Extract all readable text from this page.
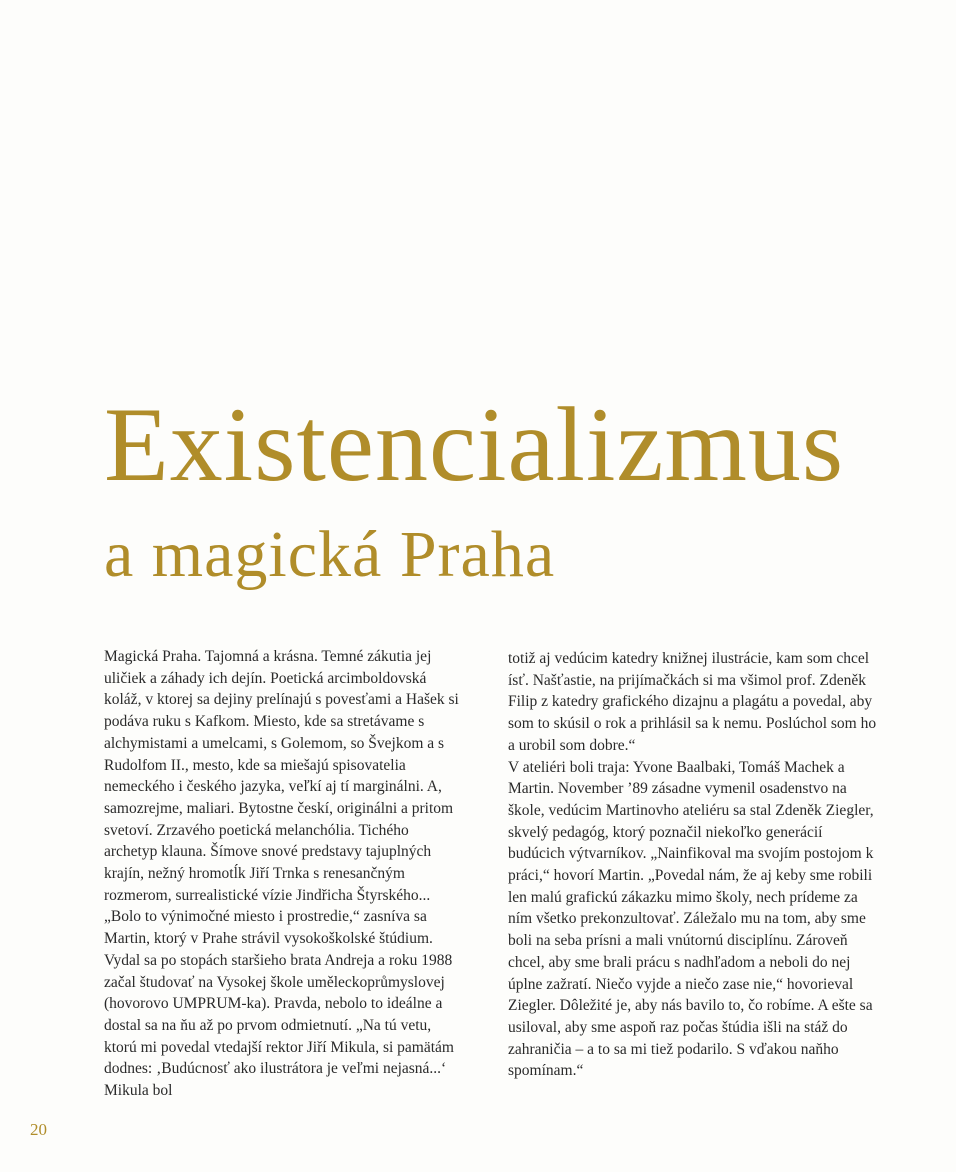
Existencializmus
a magická Praha

Magická Praha. Tajomná a krásna. Temné zákutia jej uličiek a záhady ich dejín. Poetická arcimboldovská koláž, v ktorej sa dejiny prelínajú s povesťami a Hašek si podáva ruku s Kafkom. Miesto, kde sa stretávame s alchymistami a umelcami, s Golemom, so Švejkom a s Rudolfom II., mesto, kde sa miešajú spisovatelia nemeckého i českého jazyka, veľkí aj tí marginálni. A, samozrejme, maliari. Bytostne českí, originálni a pritom svetoví. Zrzavého poetická melanchólia. Tichého archetyp klauna. Šímove snové predstavy tajuplných krajín, nežný hromotĺk Jiří Trnka s renesančným rozmerom, surrealistické vízie Jindřicha Štyrského...

„Bolo to výnimočné miesto i prostredie,“ zasníva sa Martin, ktorý v Prahe strávil vysokoškolské štúdium. Vydal sa po stopách staršieho brata Andreja a roku 1988 začal študovať na Vysokej škole uměleckoprůmyslovej (hovorovo UMPRUM-ka). Pravda, nebolo to ideálne a dostal sa na ňu až po prvom odmietnutí. „Na tú vetu, ktorú mi povedal vtedajší rektor Jiří Mikula, si pamätám dodnes: ‚Budúcnosť ako ilustrátora je veľmi nejasná...‘ Mikula bol

totiž aj vedúcim katedry knižnej ilustrácie, kam som chcel ísť. Našťastie, na prijímačkách si ma všimol prof. Zdeněk Filip z katedry grafického dizajnu a plagátu a povedal, aby som to skúsil o rok a prihlásil sa k nemu. Poslúchol som ho a urobil som dobre.“

V ateliéri boli traja: Yvone Baalbaki, Tomáš Machek a Martin. November ’89 zásadne vymenil osadenstvo na škole, vedúcim Martinovho ateliéru sa stal Zdeněk Ziegler, skvelý pedagóg, ktorý poznačil niekoľko generácií budúcich výtvarníkov. „Nainfikoval ma svojím postojom k práci,“ hovorí Martin. „Povedal nám, že aj keby sme robili len malú grafickú zákazku mimo školy, nech prídeme za ním všetko prekonzultovať. Záležalo mu na tom, aby sme boli na seba prísni a mali vnútornú disciplínu. Zároveň chcel, aby sme brali prácu s nadhľadom a neboli do nej úplne zažratí. Niečo vyjde a niečo zase nie,“ hovorieval Ziegler. Dôležité je, aby nás bavilo to, čo robíme. A ešte sa usiloval, aby sme aspoň raz počas štúdia išli na stáž do zahraničia – a to sa mi tiež podarilo. S vďakou naňho spomínam.“

20
